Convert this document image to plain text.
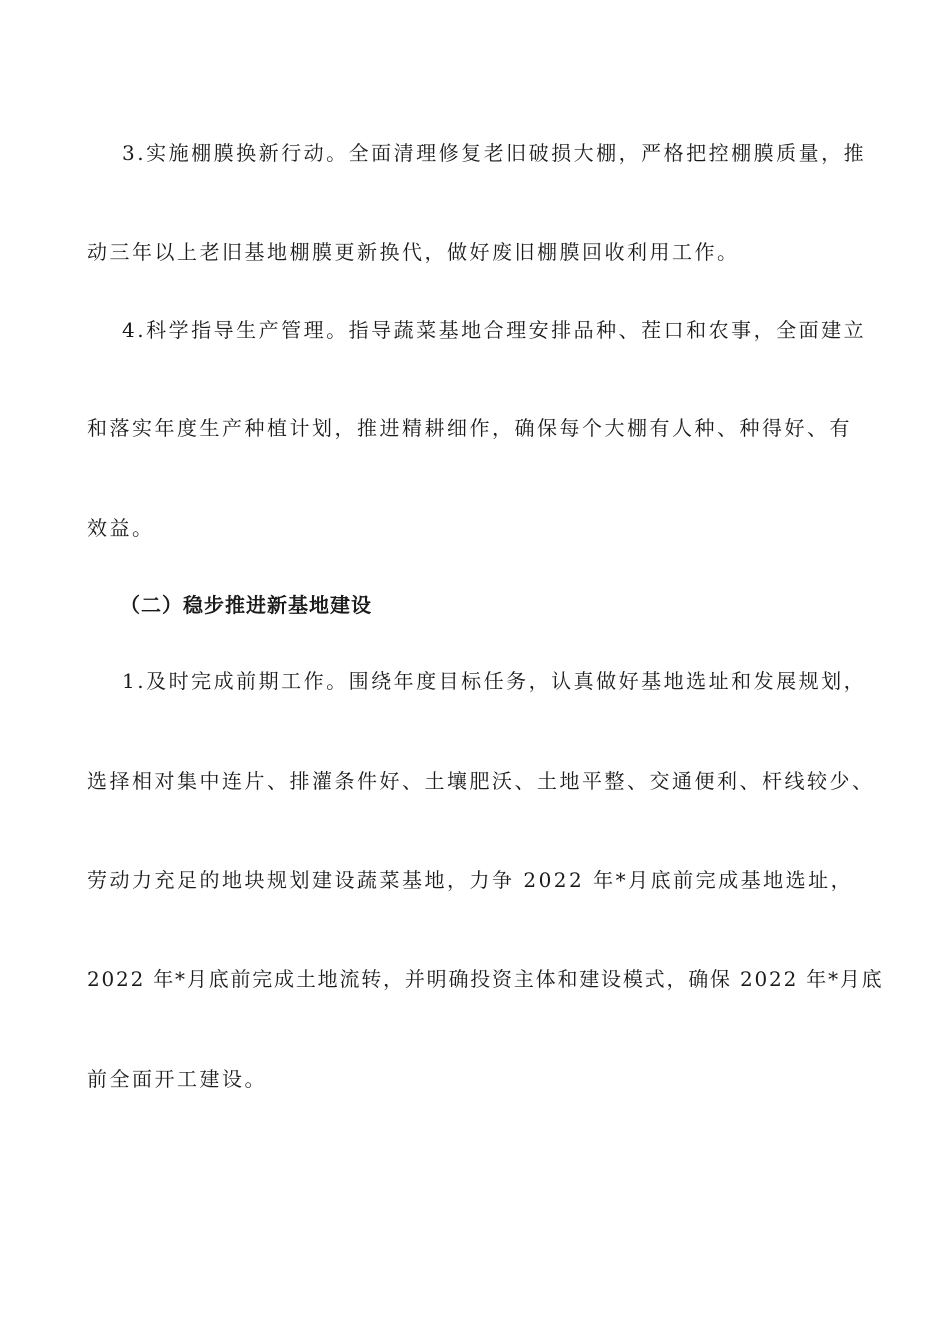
3.实施棚膜换新行动。全面清理修复老旧破损大棚，严格把控棚膜质量，推
动三年以上老旧基地棚膜更新换代，做好废旧棚膜回收利用工作。
4.科学指导生产管理。指导蔬菜基地合理安排品种、茬口和农事，全面建立
和落实年度生产种植计划，推进精耕细作，确保每个大棚有人种、种得好、有
效益。
（二）稳步推进新基地建设
1.及时完成前期工作。围绕年度目标任务，认真做好基地选址和发展规划，
选择相对集中连片、排灌条件好、土壤肥沃、土地平整、交通便利、杆线较少、
劳动力充足的地块规划建设蔬菜基地，力争 2022 年*月底前完成基地选址，
2022 年*月底前完成土地流转，并明确投资主体和建设模式，确保 2022 年*月底
前全面开工建设。
